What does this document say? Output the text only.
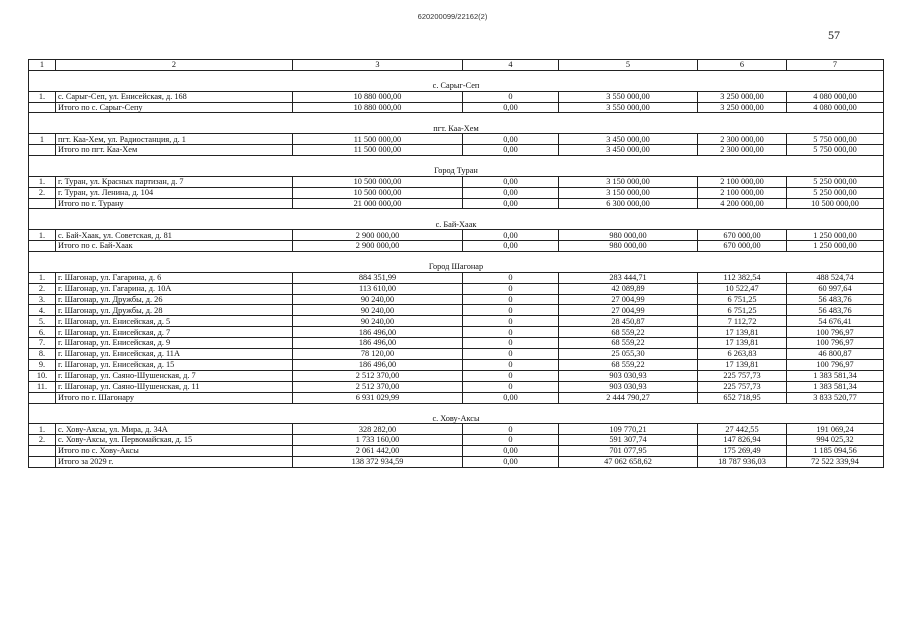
620200099/22162(2)
57
1	2	3	4	5	6	7

с. Сарыг-Сеп						
1.	с. Сарыг-Сеп, ул. Енисейская, д. 168	10 880 000,00	0	3 550 000,00	3 250 000,00	4 080 000,00
	Итого по с. Сарыг-Сепу	10 880 000,00	0,00	3 550 000,00	3 250 000,00	4 080 000,00

пгт. Каа-Хем						
1	пгт. Каа-Хем, ул. Радиостанция, д. 1	11 500 000,00	0,00	3 450 000,00	2 300 000,00	5 750 000,00
	Итого по пгт. Каа-Хем	11 500 000,00	0,00	3 450 000,00	2 300 000,00	5 750 000,00

Город Туран						
1.	г. Туран, ул. Красных партизан, д. 7	10 500 000,00	0,00	3 150 000,00	2 100 000,00	5 250 000,00
2.	г. Туран, ул. Ленина, д. 104	10 500 000,00	0,00	3 150 000,00	2 100 000,00	5 250 000,00
	Итого по г. Турану	21 000 000,00	0,00	6 300 000,00	4 200 000,00	10 500 000,00

с. Бай-Хаак						
1.	с. Бай-Хаак, ул. Советская, д. 81	2 900 000,00	0,00	980 000,00	670 000,00	1 250 000,00
	Итого по с. Бай-Хаак	2 900 000,00	0,00	980 000,00	670 000,00	1 250 000,00

Город Шагонар						
1.	г. Шагонар, ул. Гагарина, д. 6	884 351,99	0	283 444,71	112 382,54	488 524,74
2.	г. Шагонар, ул. Гагарина, д. 10А	113 610,00	0	42 089,89	10 522,47	60 997,64
3.	г. Шагонар, ул. Дружбы, д. 26	90 240,00	0	27 004,99	6 751,25	56 483,76
4.	г. Шагонар, ул. Дружбы, д. 28	90 240,00	0	27 004,99	6 751,25	56 483,76
5.	г. Шагонар, ул. Енисейская, д. 5	90 240,00	0	28 450,87	7 112,72	54 676,41
6.	г. Шагонар, ул. Енисейская, д. 7	186 496,00	0	68 559,22	17 139,81	100 796,97
7.	г. Шагонар, ул. Енисейская, д. 9	186 496,00	0	68 559,22	17 139,81	100 796,97
8.	г. Шагонар, ул. Енисейская, д. 11А	78 120,00	0	25 055,30	6 263,83	46 800,87
9.	г. Шагонар, ул. Енисейская, д. 15	186 496,00	0	68 559,22	17 139,81	100 796,97
10.	г. Шагонар, ул. Саяно-Шушенская, д. 7	2 512 370,00	0	903 030,93	225 757,73	1 383 581,34
11.	г. Шагонар, ул. Саяно-Шушенская, д. 11	2 512 370,00	0	903 030,93	225 757,73	1 383 581,34
	Итого по г. Шагонару	6 931 029,99	0,00	2 444 790,27	652 718,95	3 833 520,77

с. Хову-Аксы						
1.	с. Хову-Аксы, ул. Мира, д. 34А	328 282,00	0	109 770,21	27 442,55	191 069,24
2.	с. Хову-Аксы, ул. Первомайская, д. 15	1 733 160,00	0	591 307,74	147 826,94	994 025,32
	Итого по с. Хову-Аксы	2 061 442,00	0,00	701 077,95	175 269,49	1 185 094,56
	Итого за 2029 г.	138 372 934,59	0,00	47 062 658,62	18 787 936,03	72 522 339,94
